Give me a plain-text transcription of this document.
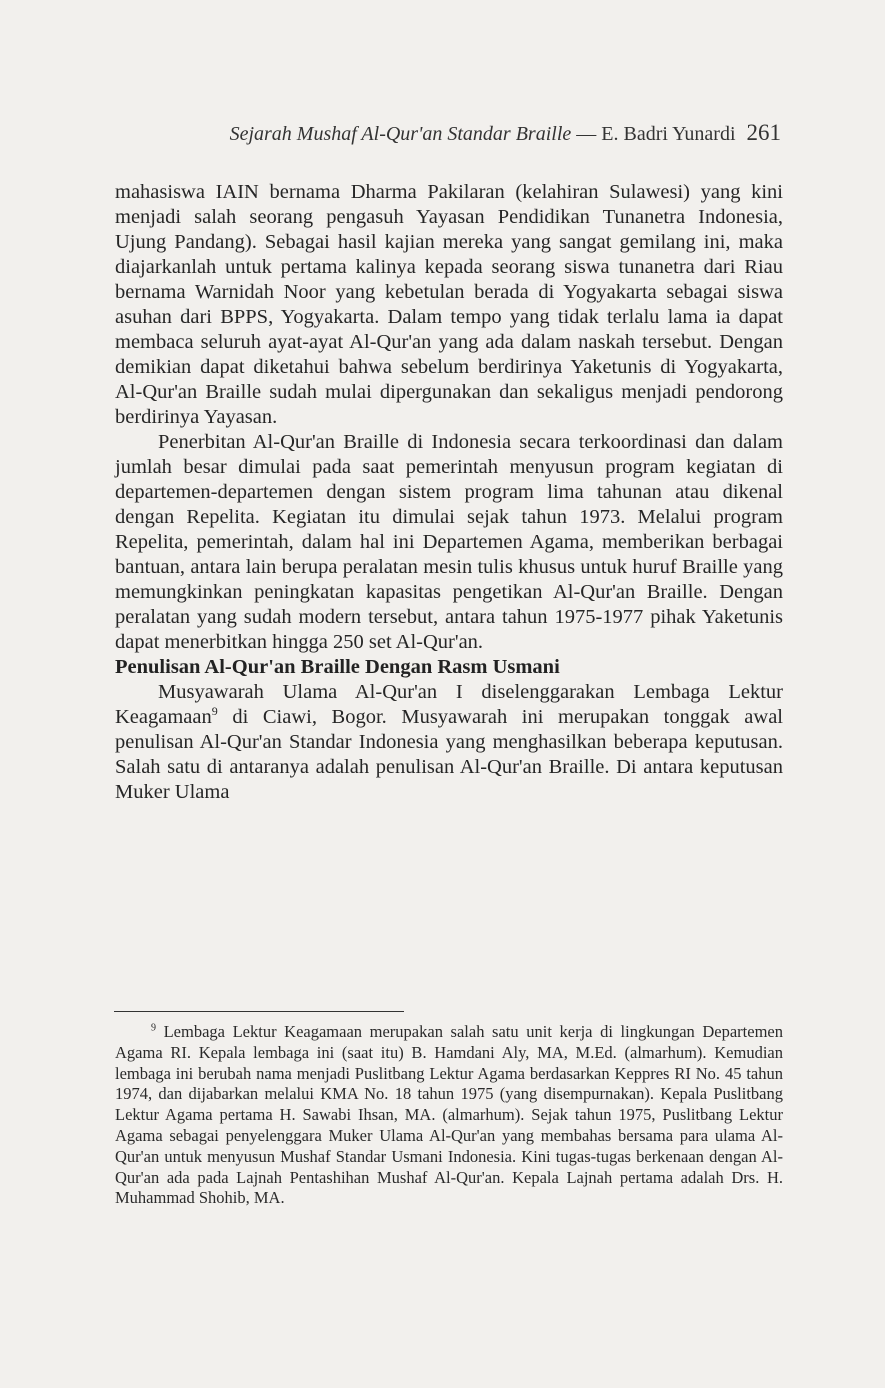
Sejarah Mushaf Al-Qur'an Standar Braille — E. Badri Yunardi 261

mahasiswa IAIN bernama Dharma Pakilaran (kelahiran Sulawesi) yang kini menjadi salah seorang pengasuh Yayasan Pendidikan Tunanetra Indonesia, Ujung Pandang). Sebagai hasil kajian mereka yang sangat gemilang ini, maka diajarkanlah untuk pertama kalinya kepada seorang siswa tunanetra dari Riau bernama Warnidah Noor yang kebetulan berada di Yogyakarta sebagai siswa asuhan dari BPPS, Yogyakarta. Dalam tempo yang tidak terlalu lama ia dapat membaca seluruh ayat-ayat Al-Qur'an yang ada dalam naskah tersebut. Dengan demikian dapat diketahui bahwa sebelum berdirinya Yaketunis di Yogyakarta, Al-Qur'an Braille sudah mulai dipergunakan dan sekaligus menjadi pendorong berdirinya Yayasan.

Penerbitan Al-Qur'an Braille di Indonesia secara terkoordinasi dan dalam jumlah besar dimulai pada saat pemerintah menyusun program kegiatan di departemen-departemen dengan sistem program lima tahunan atau dikenal dengan Repelita. Kegiatan itu dimulai sejak tahun 1973. Melalui program Repelita, pemerintah, dalam hal ini Departemen Agama, memberikan berbagai bantuan, antara lain berupa peralatan mesin tulis khusus untuk huruf Braille yang memungkinkan peningkatan kapasitas pengetikan Al-Qur'an Braille. Dengan peralatan yang sudah modern tersebut, antara tahun 1975-1977 pihak Yaketunis dapat menerbitkan hingga 250 set Al-Qur'an.

Penulisan Al-Qur'an Braille Dengan Rasm Usmani

Musyawarah Ulama Al-Qur'an I diselenggarakan Lembaga Lektur Keagamaan$^9$ di Ciawi, Bogor. Musyawarah ini merupakan tonggak awal penulisan Al-Qur'an Standar Indonesia yang menghasilkan beberapa keputusan. Salah satu di antaranya adalah penulisan Al-Qur'an Braille. Di antara keputusan Muker Ulama

$^9$ Lembaga Lektur Keagamaan merupakan salah satu unit kerja di lingkungan Departemen Agama RI. Kepala lembaga ini (saat itu) B. Hamdani Aly, MA, M.Ed. (almarhum). Kemudian lembaga ini berubah nama menjadi Puslitbang Lektur Agama berdasarkan Keppres RI No. 45 tahun 1974, dan dijabarkan melalui KMA No. 18 tahun 1975 (yang disempurnakan). Kepala Puslitbang Lektur Agama pertama H. Sawabi Ihsan, MA. (almarhum). Sejak tahun 1975, Puslitbang Lektur Agama sebagai penyelenggara Muker Ulama Al-Qur'an yang membahas bersama para ulama Al-Qur'an untuk menyusun Mushaf Standar Usmani Indonesia. Kini tugas-tugas berkenaan dengan Al-Qur'an ada pada Lajnah Pentashihan Mushaf Al-Qur'an. Kepala Lajnah pertama adalah Drs. H. Muhammad Shohib, MA.
